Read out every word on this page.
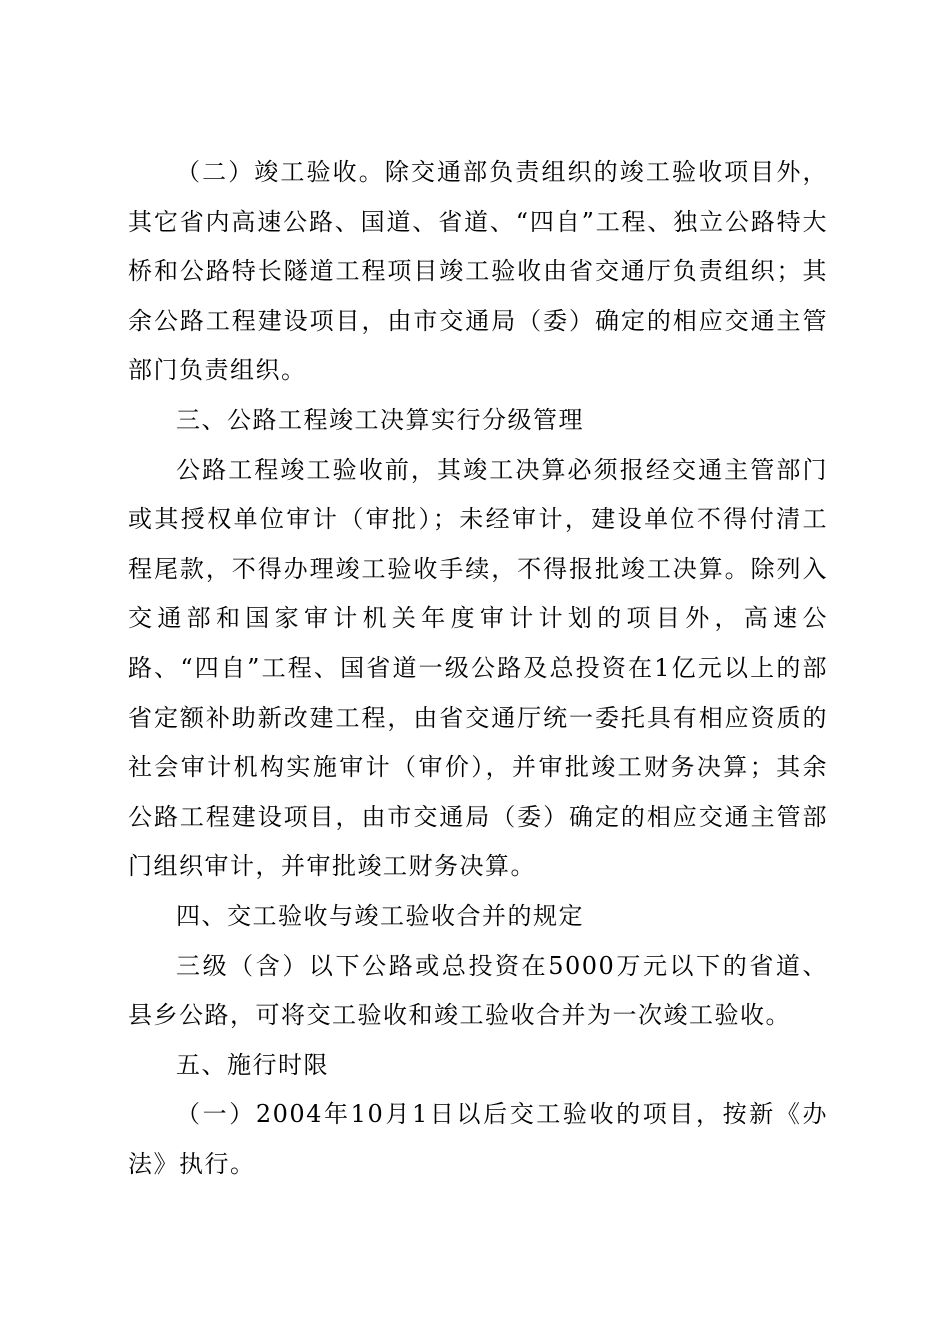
（二）竣工验收。除交通部负责组织的竣工验收项目外，其它省内高速公路、国道、省道、“四自”工程、独立公路特大桥和公路特长隧道工程项目竣工验收由省交通厅负责组织；其余公路工程建设项目，由市交通局（委）确定的相应交通主管部门负责组织。

三、公路工程竣工决算实行分级管理

公路工程竣工验收前，其竣工决算必须报经交通主管部门或其授权单位审计（审批）；未经审计，建设单位不得付清工程尾款，不得办理竣工验收手续，不得报批竣工决算。除列入交通部和国家审计机关年度审计计划的项目外，高速公路、“四自”工程、国省道一级公路及总投资在1亿元以上的部省定额补助新改建工程，由省交通厅统一委托具有相应资质的社会审计机构实施审计（审价），并审批竣工财务决算；其余公路工程建设项目，由市交通局（委）确定的相应交通主管部门组织审计，并审批竣工财务决算。

四、交工验收与竣工验收合并的规定

三级（含）以下公路或总投资在5000万元以下的省道、县乡公路，可将交工验收和竣工验收合并为一次竣工验收。

五、施行时限

（一）2004年10月1日以后交工验收的项目，按新《办法》执行。
